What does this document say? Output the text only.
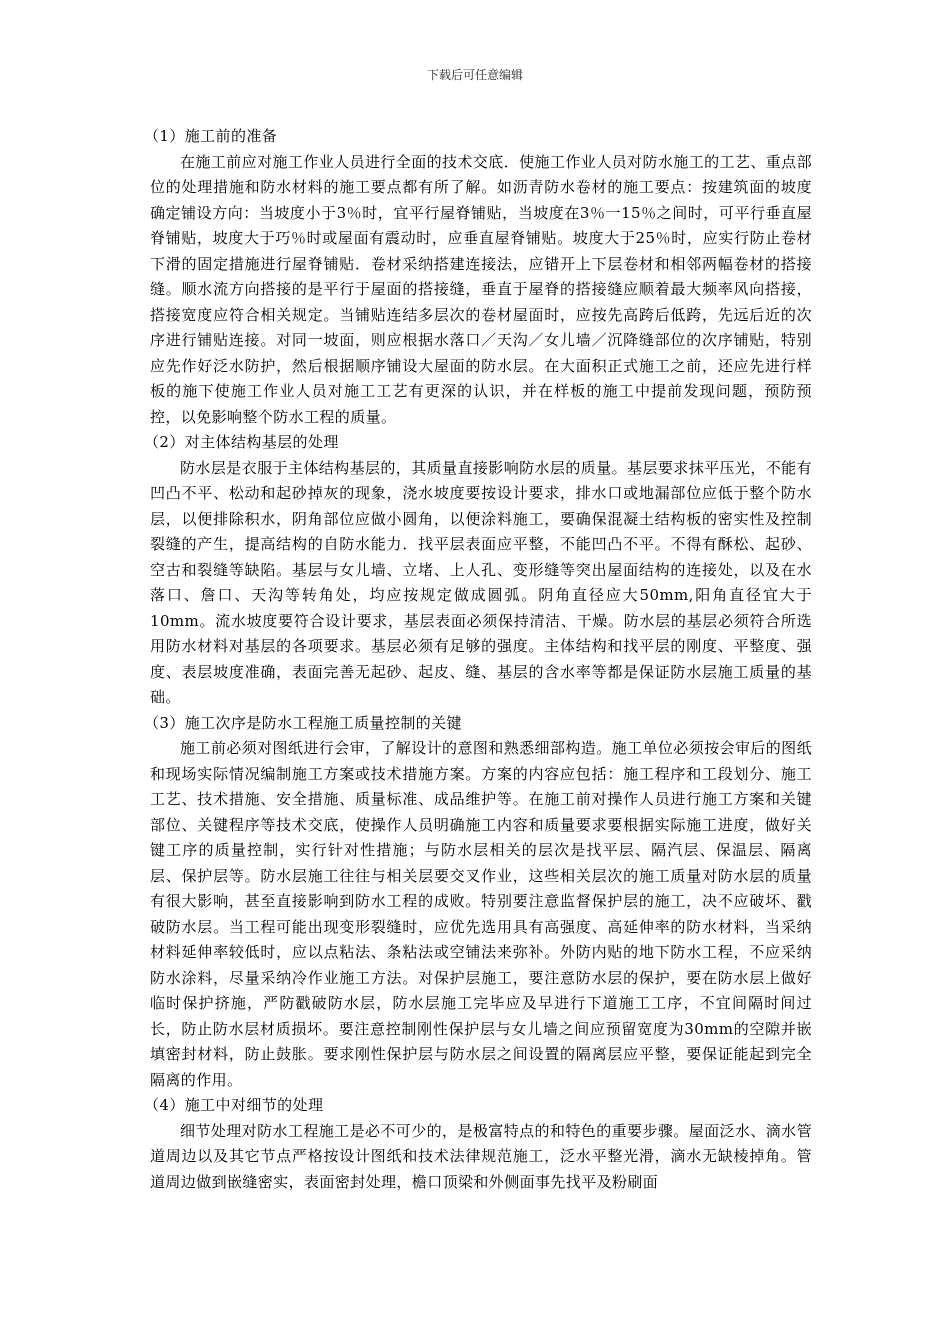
下载后可任意编辑

（1）施工前的准备

在施工前应对施工作业人员进行全面的技术交底．使施工作业人员对防水施工的工艺、重点部位的处理措施和防水材料的施工要点都有所了解。如沥青防水卷材的施工要点：按建筑面的坡度确定铺设方向：当坡度小于3％时，宜平行屋脊铺贴，当坡度在3％一15％之间时，可平行垂直屋脊铺贴，坡度大于巧％时或屋面有震动时，应垂直屋脊铺贴。坡度大于25％时，应实行防止卷材下滑的固定措施进行屋脊铺贴．卷材采纳搭建连接法，应错开上下层卷材和相邻两幅卷材的搭接缝。顺水流方向搭接的是平行于屋面的搭接缝，垂直于屋脊的搭接缝应顺着最大频率风向搭接，搭接宽度应符合相关规定。当铺贴连结多层次的卷材屋面时，应按先高跨后低跨，先远后近的次序进行铺贴连接。对同一坡面，则应根据水落口／天沟／女儿墙／沉降缝部位的次序铺贴，特别应先作好泛水防护，然后根据顺序铺设大屋面的防水层。在大面积正式施工之前，还应先进行样板的施下使施工作业人员对施工工艺有更深的认识，并在样板的施工中提前发现问题，预防预控，以免影响整个防水工程的质量。

（2）对主体结构基层的处理

防水层是衣服于主体结构基层的，其质量直接影响防水层的质量。基层要求抹平压光，不能有凹凸不平、松动和起砂掉灰的现象，浇水坡度要按设计要求，排水口或地漏部位应低于整个防水层，以便排除积水，阴角部位应做小圆角，以便涂料施工，要确保混凝土结构板的密实性及控制裂缝的产生，提高结构的自防水能力．找平层表面应平整，不能凹凸不平。不得有酥松、起砂、空古和裂缝等缺陷。基层与女儿墙、立堵、上人孔、变形缝等突出屋面结构的连接处，以及在水落口、詹口、天沟等转角处，均应按规定做成圆弧。阴角直径应大50mm,阳角直径宜大于10mm。流水坡度要符合设计要求，基层表面必须保持清洁、干燥。防水层的基层必须符合所选用防水材料对基层的各项要求。基层必须有足够的强度。主体结构和找平层的刚度、平整度、强度、表层坡度准确，表面完善无起砂、起皮、缝、基层的含水率等都是保证防水层施工质量的基础。

（3）施工次序是防水工程施工质量控制的关键

施工前必须对图纸进行会审，了解设计的意图和熟悉细部构造。施工单位必须按会审后的图纸和现场实际情况编制施工方案或技术措施方案。方案的内容应包括：施工程序和工段划分、施工工艺、技术措施、安全措施、质量标准、成品维护等。在施工前对操作人员进行施工方案和关键部位、关键程序等技术交底，使操作人员明确施工内容和质量要求要根据实际施工进度，做好关键工序的质量控制，实行针对性措施；与防水层相关的层次是找平层、隔汽层、保温层、隔离层、保护层等。防水层施工往往与相关层要交叉作业，这些相关层次的施工质量对防水层的质量有很大影响，甚至直接影响到防水工程的成败。特别要注意监督保护层的施工，决不应破坏、戳破防水层。当工程可能出现变形裂缝时，应优先选用具有高强度、高延伸率的防水材料，当采纳材料延伸率较低时，应以点粘法、条粘法或空铺法来弥补。外防内贴的地下防水工程，不应采纳防水涂料，尽量采纳冷作业施工方法。对保护层施工，要注意防水层的保护，要在防水层上做好临时保护挤施，严防戳破防水层，防水层施工完毕应及早进行下道施工工序，不宜间隔时间过长，防止防水层材质损坏。要注意控制刚性保护层与女儿墙之间应预留宽度为30mm的空隙并嵌填密封材料，防止鼓胀。要求刚性保护层与防水层之间设置的隔离层应平整，要保证能起到完全隔离的作用。

（4）施工中对细节的处理

细节处理对防水工程施工是必不可少的，是极富特点的和特色的重要步骤。屋面泛水、滴水管道周边以及其它节点严格按设计图纸和技术法律规范施工，泛水平整光滑，滴水无缺棱掉角。管道周边做到嵌缝密实，表面密封处理，檐口顶梁和外侧面事先找平及粉刷面
